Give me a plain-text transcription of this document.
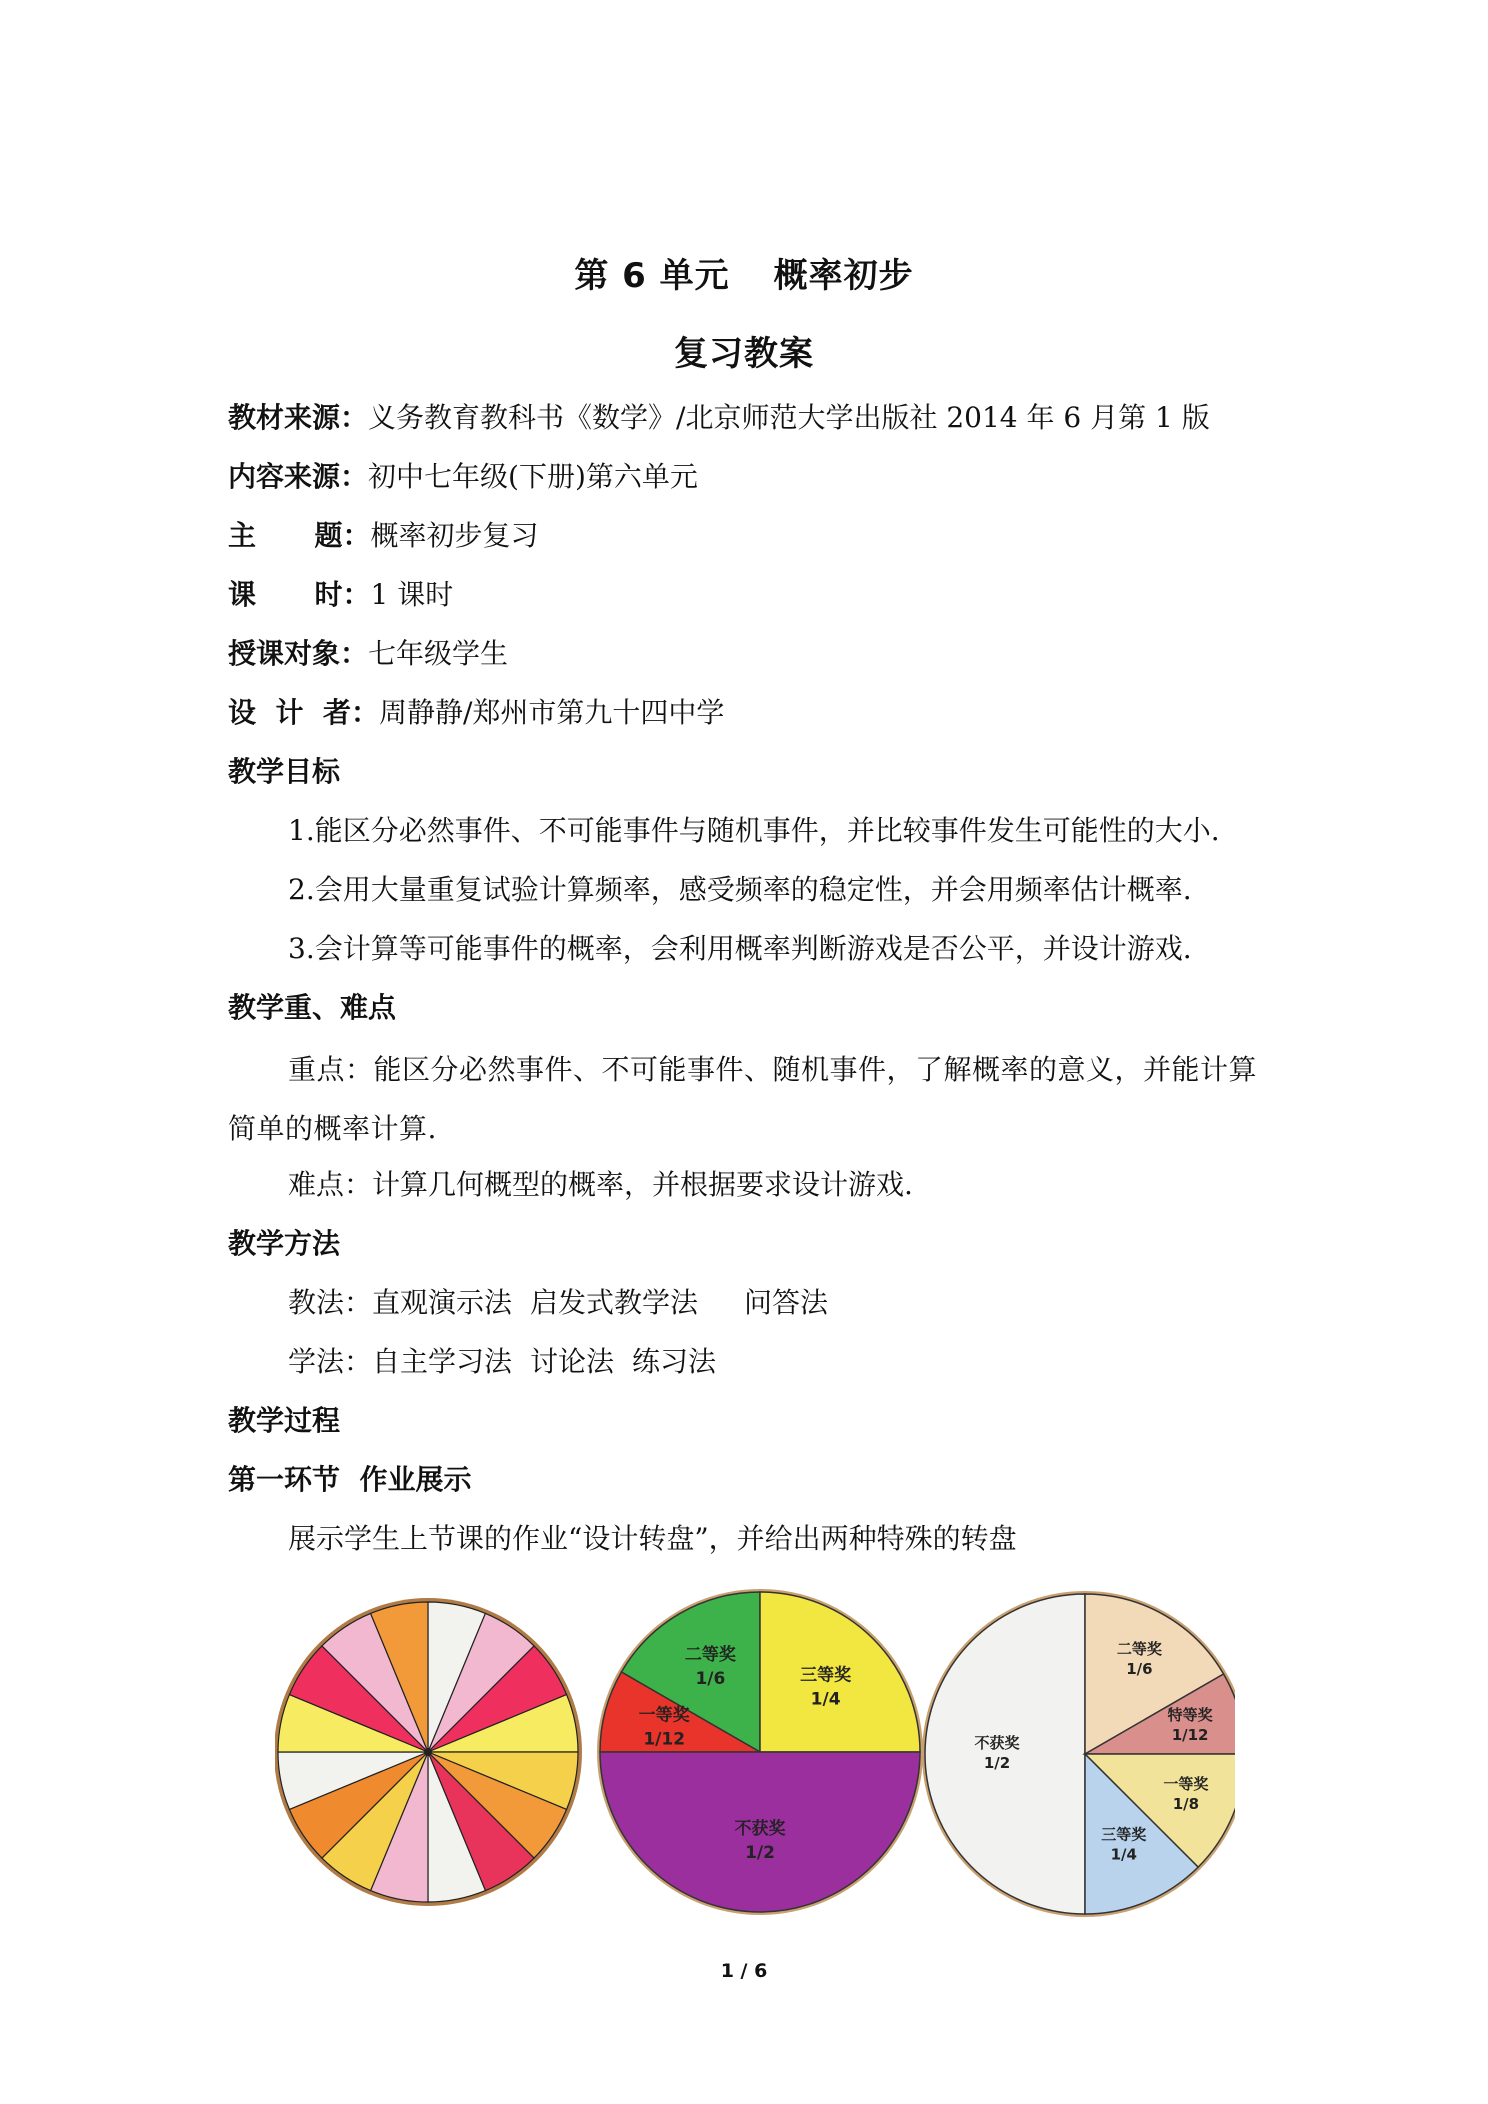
第 6 单元 概率初步
复习教案
教材来源：义务教育教科书《数学》/北京师范大学出版社 2014 年 6 月第 1 版
内容来源：初中七年级(下册)第六单元
主      题：概率初步复习
课      时：1 课时
授课对象：七年级学生
设  计  者：周静静/郑州市第九十四中学
教学目标
1.能区分必然事件、不可能事件与随机事件，并比较事件发生可能性的大小.
2.会用大量重复试验计算频率，感受频率的稳定性，并会用频率估计概率.
3.会计算等可能事件的概率，会利用概率判断游戏是否公平，并设计游戏.
教学重、难点
重点：能区分必然事件、不可能事件、随机事件，了解概率的意义，并能计算简单的概率计算.
难点：计算几何概型的概率，并根据要求设计游戏.
教学方法
教法：直观演示法 启发式教学法 问答法
学法：自主学习法 讨论法 练习法
教学过程
第一环节  作业展示
展示学生上节课的作业“设计转盘”，并给出两种特殊的转盘
二等奖
1/6	三等奖
1/4
一等奖
1/12
不获奖
1/2
不获奖
1/2
二等奖
1/6
特等奖
1/12
一等奖
1/8
三等奖
1/4
1 / 6
